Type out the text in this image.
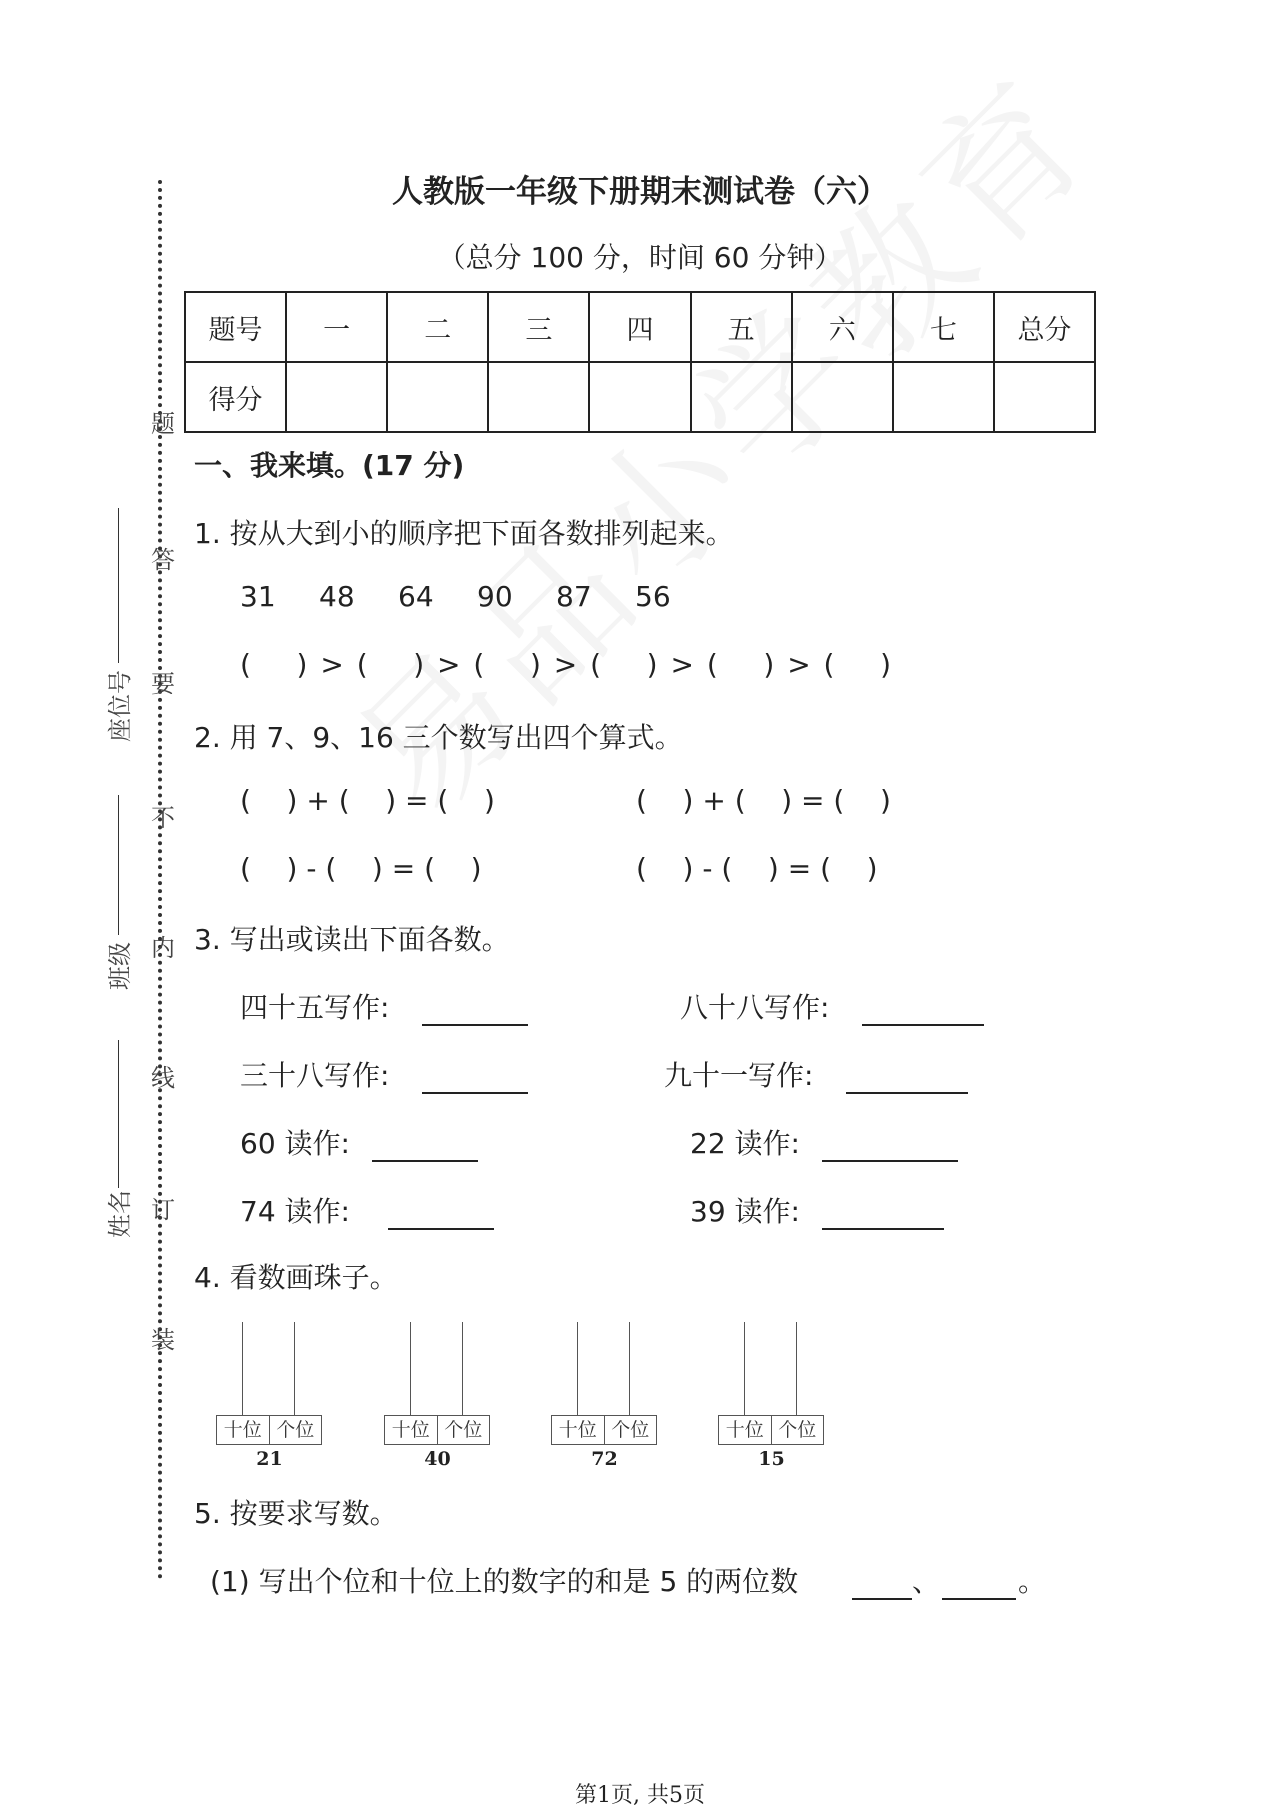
题
答
要
不
内
线
订
装
座位号
班级
姓名
人教版一年级下册期末测试卷（六）
（总分 100 分，时间 60 分钟）
题号	一	二	三	四	五	六	七	总分
得分								
一、我来填。(17 分)
1. 按从大到小的顺序把下面各数排列起来。
31 48 64 90 87 56
(    ) > (    ) > (    ) > (    ) > (    ) > (    )
2. 用 7、9、16 三个数写出四个算式。
(    ) + (    ) = (    )	(    ) + (    ) = (    )
(    ) - (    ) = (    )	(    ) - (    ) = (    )
3. 写出或读出下面各数。
四十五写作:	八十八写作:
三十八写作:	九十一写作:
60 读作:	22 读作:
74 读作:	39 读作:
4. 看数画珠子。
十位 个位
21
十位 个位
40
十位 个位
72
十位 个位
15
5. 按要求写数。
(1) 写出个位和十位上的数字的和是 5 的两位数	、	。
第1页, 共5页
